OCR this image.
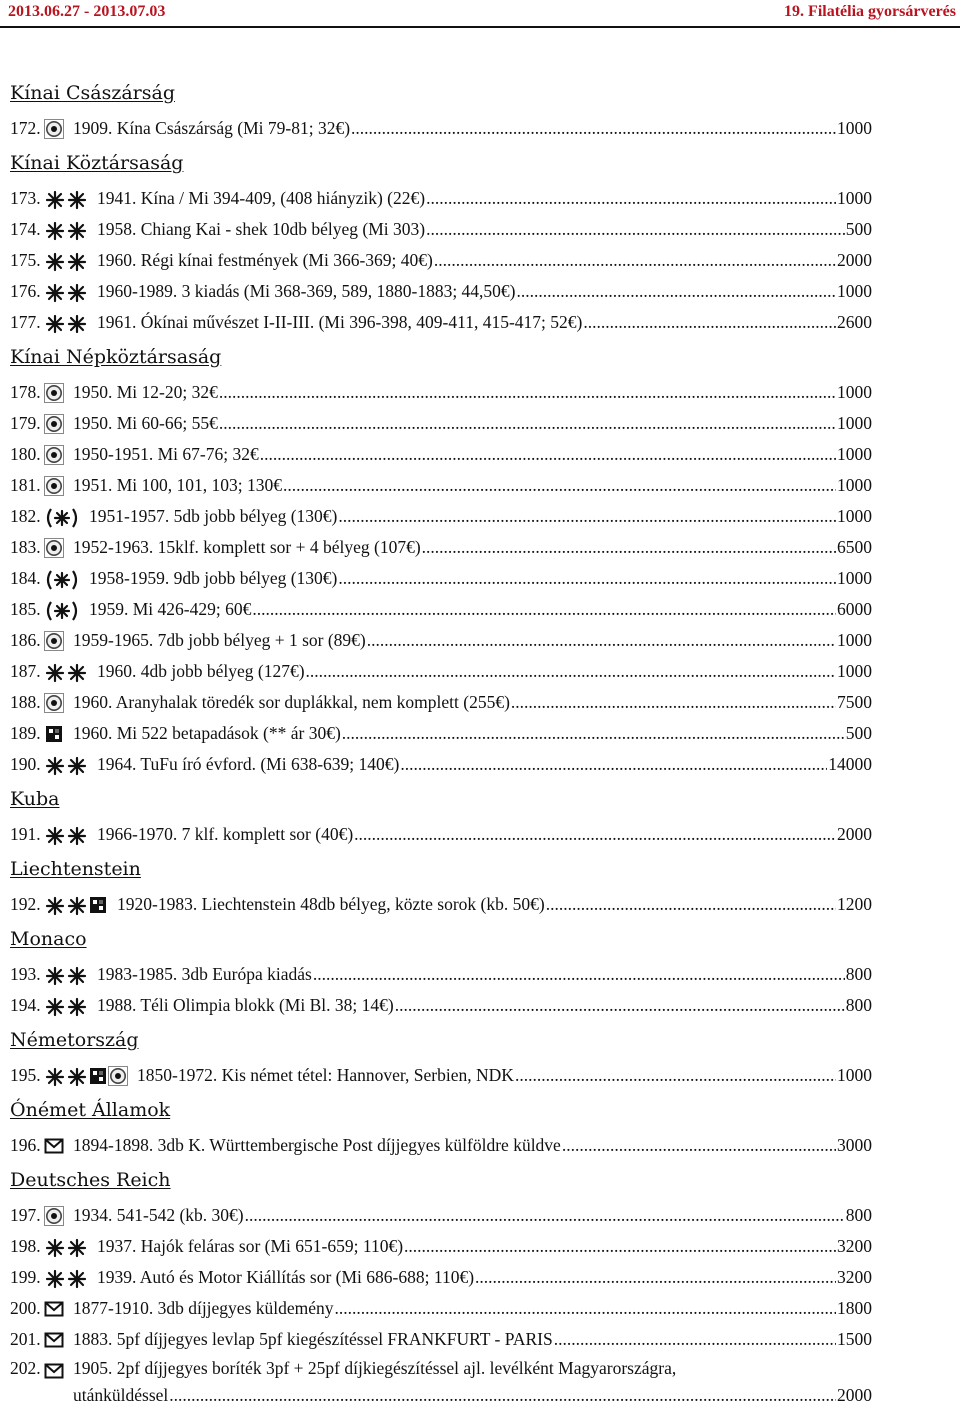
2013.06.27 - 2013.07.03	19. Filatélia gyorsárverés
Kínai Császárság
172. 1909. Kína Császárság (Mi 79-81; 32€) .....	1000
Kínai Köztársaság
173.	1941. Kína / Mi 394-409, (408 hiányzik) (22€) .....	1000
174.	1958. Chiang Kai - shek 10db bélyeg (Mi 303) .....	500
175.	1960. Régi kínai festmények (Mi 366-369; 40€) .....	2000
176.	1960-1989. 3 kiadás (Mi 368-369, 589, 1880-1883; 44,50€) .....	1000
177.	1961. Ókínai művészet I-II-III. (Mi 396-398, 409-411, 415-417; 52€) .....	2600
Kínai Népköztársaság
178. 1950. Mi 12-20; 32€ .....	1000
179. 1950. Mi 60-66; 55€ .....	1000
180. 1950-1951. Mi 67-76; 32€ .....	1000
181. 1951. Mi 100, 101, 103; 130€ .....	1000
182.	1951-1957. 5db jobb bélyeg (130€) .....	1000
183. 1952-1963. 15klf. komplett sor + 4 bélyeg (107€) .....	6500
184.	1958-1959. 9db jobb bélyeg (130€) .....	1000
185.	1959. Mi 426-429; 60€ .....	6000
186. 1959-1965. 7db jobb bélyeg + 1 sor (89€) .....	1000
187.	1960. 4db jobb bélyeg (127€) .....	1000
188. 1960. Aranyhalak töredék sor duplákkal, nem komplett (255€) .....	7500
189. 1960. Mi 522 betapadások (** ár 30€) .....	500
190.	1964. TuFu író évford. (Mi 638-639; 140€) .....	14000
Kuba
191.	1966-1970. 7 klf. komplett sor (40€) .....	2000
Liechtenstein
192.	1920-1983. Liechtenstein 48db bélyeg, közte sorok (kb. 50€) .....	1200
Monaco
193.	1983-1985. 3db Európa kiadás .....	800
194.	1988. Téli Olimpia blokk (Mi Bl. 38; 14€) .....	800
Németország
195.	1850-1972. Kis német tétel: Hannover, Serbien, NDK .....	1000
Ónémet Államok
196. 1894-1898. 3db K. Württembergische Post díjjegyes külföldre küldve .....	3000
Deutsches Reich
197. 1934. 541-542 (kb. 30€) .....	800
198.	1937. Hajók feláras sor (Mi 651-659; 110€) .....	3200
199.	1939. Autó és Motor Kiállítás sor (Mi 686-688; 110€) .....	3200
200. 1877-1910. 3db díjjegyes küldemény .....	1800
201. 1883. 5pf díjjegyes levlap 5pf kiegészítéssel FRANKFURT - PARIS .....	1500
202. 1905. 2pf díjjegyes boríték 3pf + 25pf díjkiegészítéssel ajl. levélként Magyarországra,
utánküldéssel .....	2000
